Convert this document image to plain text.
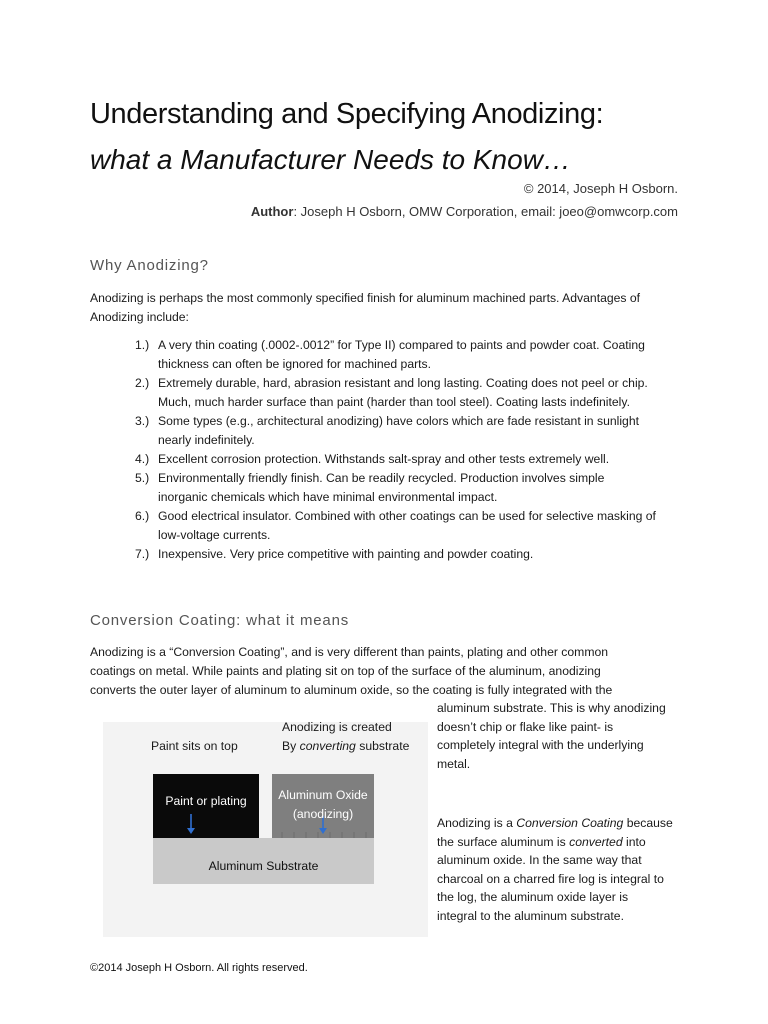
Understanding and Specifying Anodizing:
what a Manufacturer Needs to Know…
© 2014, Joseph H Osborn.
Author: Joseph H Osborn, OMW Corporation, email: joeo@omwcorp.com
Why Anodizing?
Anodizing is perhaps the most commonly specified finish for aluminum machined parts. Advantages of
Anodizing include:
1.) A very thin coating (.0002-.0012” for Type II) compared to paints and powder coat. Coating
thickness can often be ignored for machined parts.
2.) Extremely durable, hard, abrasion resistant and long lasting. Coating does not peel or chip.
Much, much harder surface than paint (harder than tool steel). Coating lasts indefinitely.
3.) Some types (e.g., architectural anodizing) have colors which are fade resistant in sunlight
nearly indefinitely.
4.) Excellent corrosion protection. Withstands salt-spray and other tests extremely well.
5.) Environmentally friendly finish. Can be readily recycled. Production involves simple
inorganic chemicals which have minimal environmental impact.
6.) Good electrical insulator. Combined with other coatings can be used for selective masking of
low-voltage currents.
7.) Inexpensive. Very price competitive with painting and powder coating.
Conversion Coating: what it means
Anodizing is a “Conversion Coating”, and is very different than paints, plating and other common
coatings on metal. While paints and plating sit on top of the surface of the aluminum, anodizing
converts the outer layer of aluminum to aluminum oxide, so the coating is fully integrated with the
aluminum substrate. This is why anodizing
doesn’t chip or flake like paint- is
completely integral with the underlying
metal.
Anodizing is a Conversion Coating because
the surface aluminum is converted into
aluminum oxide. In the same way that
charcoal on a charred fire log is integral to
the log, the aluminum oxide layer is
integral to the aluminum substrate.
Paint sits on top
Anodizing is created
By converting substrate
Paint or plating	Aluminum Oxide
(anodizing)
Aluminum Substrate
©2014 Joseph H Osborn. All rights reserved.
